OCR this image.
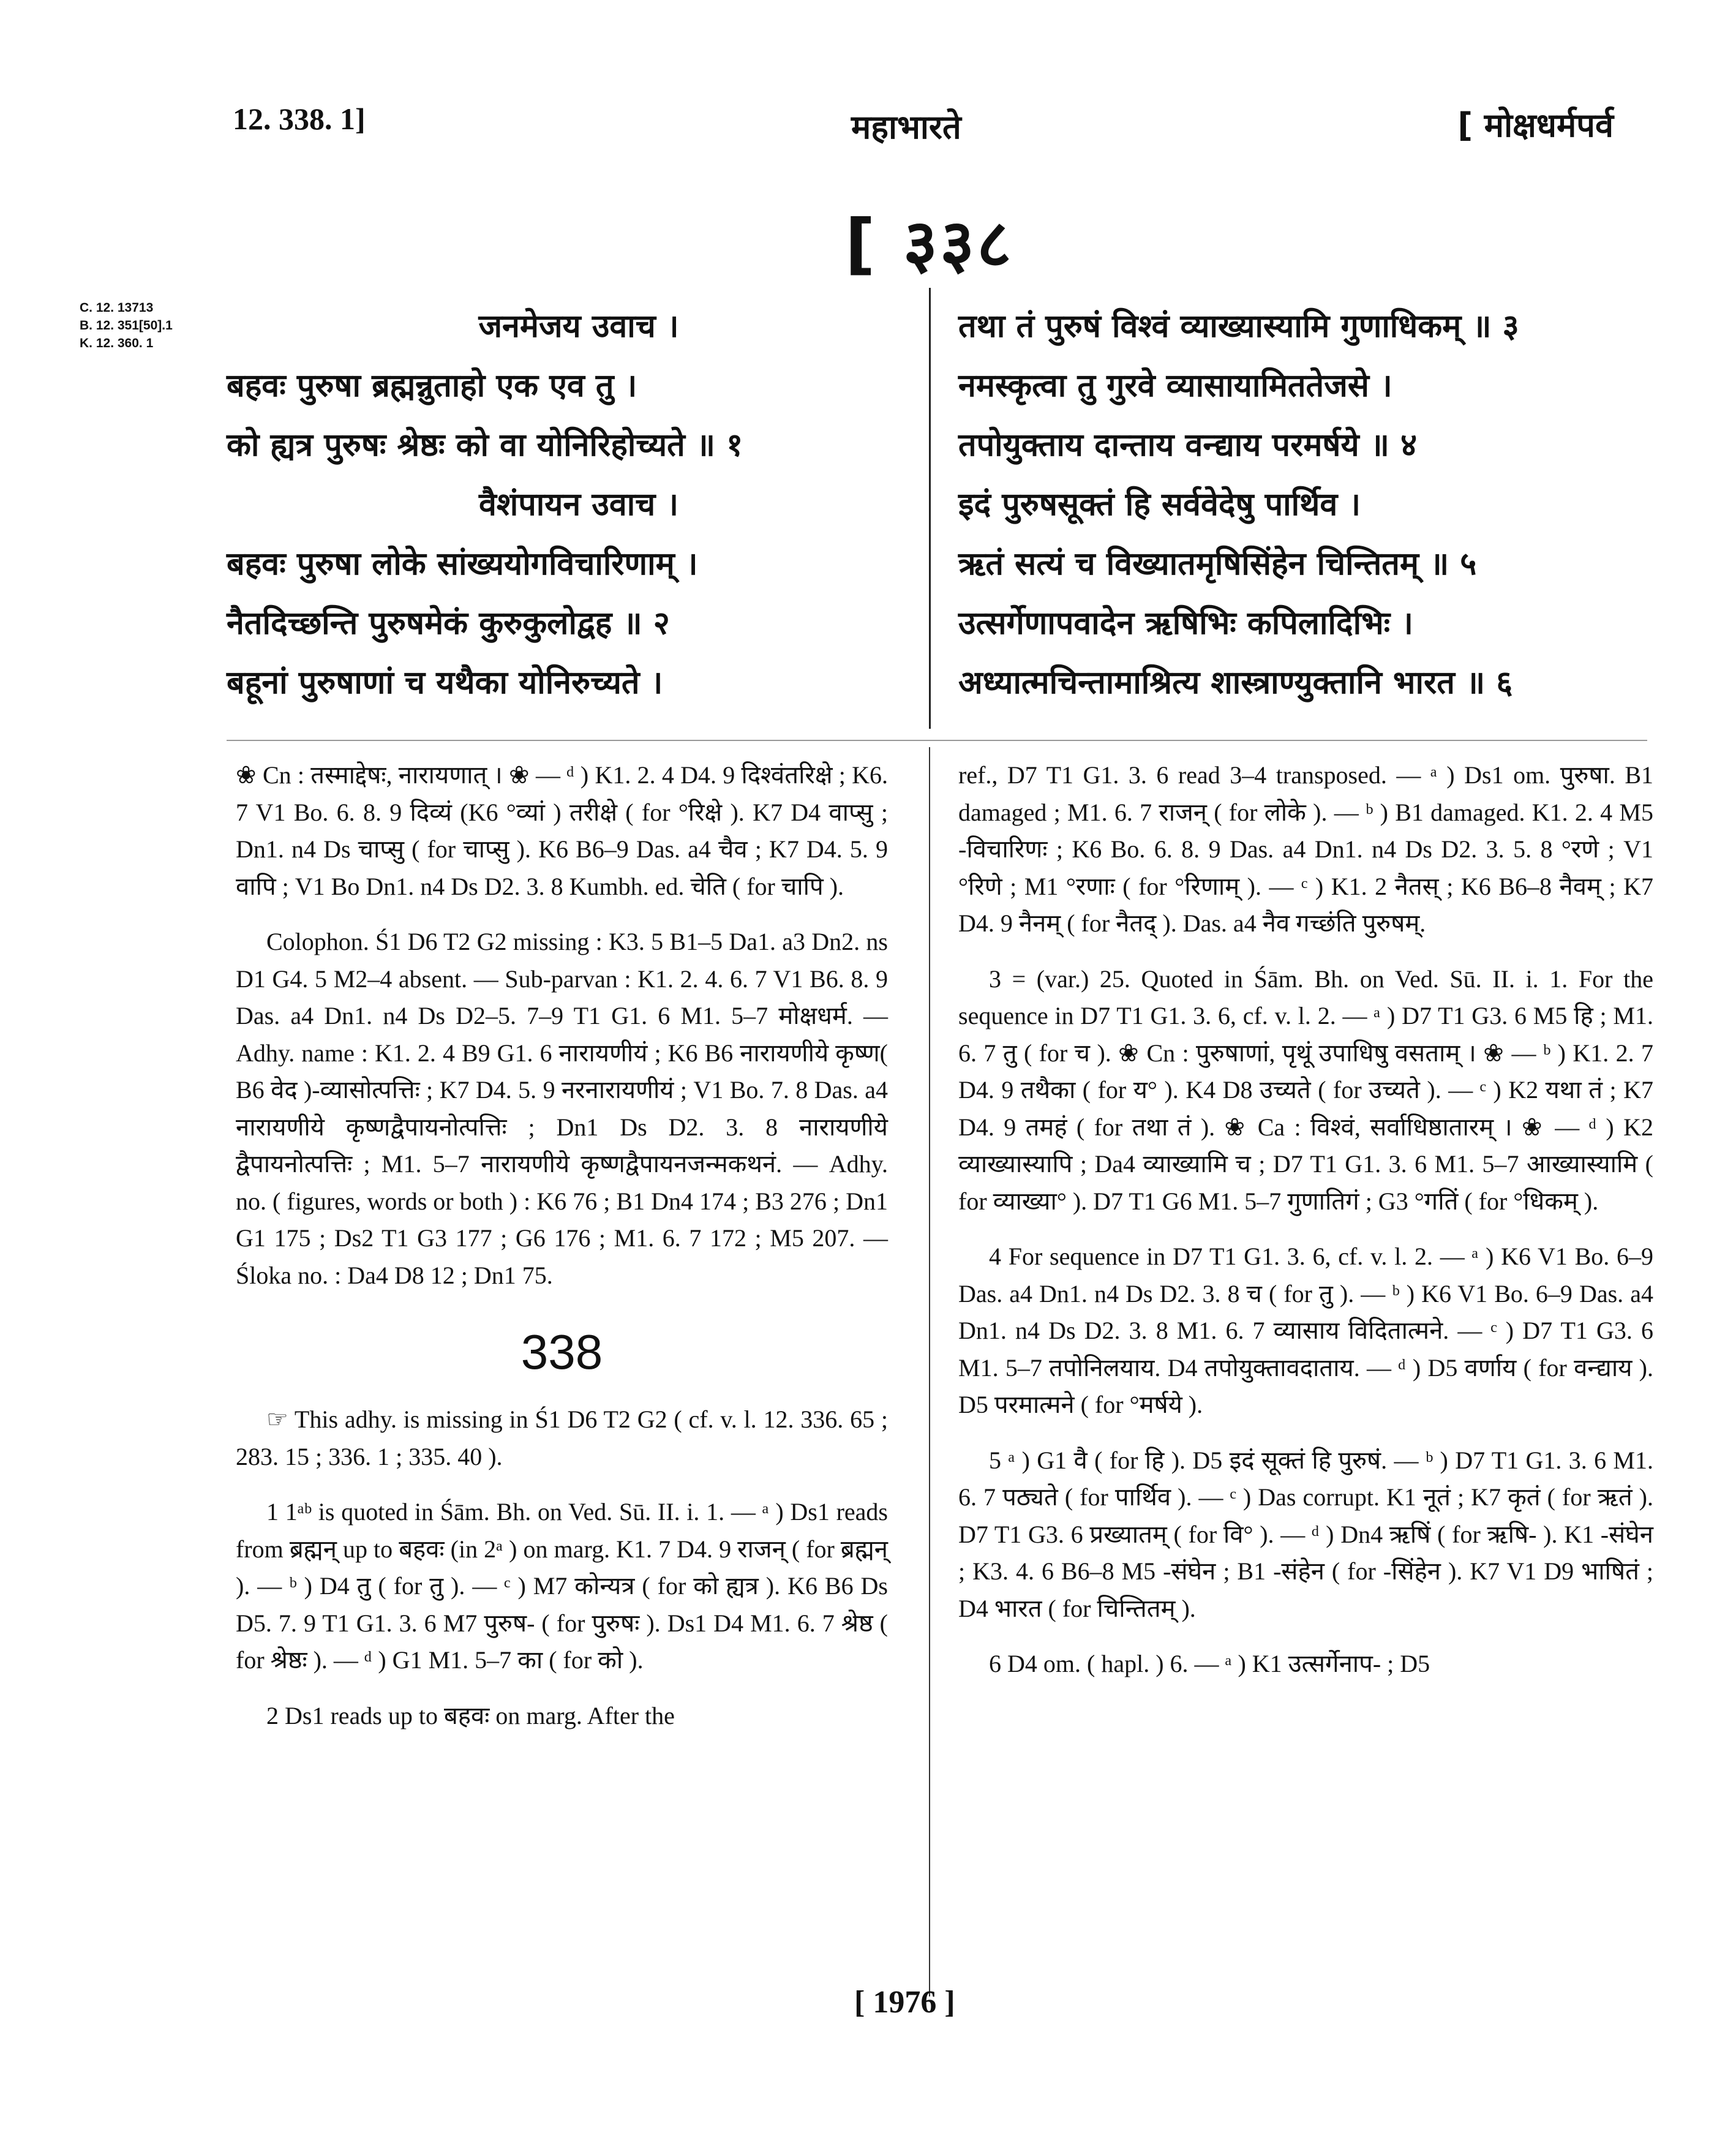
12. 338. 1]	महाभारते	[ मोक्षधर्मपर्व
[ ३३८
C. 12. 13713
B. 12. 351[50].1
K. 12. 360. 1	जनमेजय उवाच ।
बहवः पुरुषा ब्रह्मन्नुताहो एक एव तु ।
को ह्यत्र पुरुषः श्रेष्ठः को वा योनिरिहोच्यते ॥ १
वैशंपायन उवाच ।
बहवः पुरुषा लोके सांख्ययोगविचारिणाम् ।
नैतदिच्छन्ति पुरुषमेकं कुरुकुलोद्वह ॥ २
बहूनां पुरुषाणां च यथैका योनिरुच्यते ।
तथा तं पुरुषं विश्वं व्याख्यास्यामि गुणाधिकम् ॥ ३
नमस्कृत्वा तु गुरवे व्यासायामिततेजसे ।
तपोयुक्ताय दान्ताय वन्द्याय परमर्षये ॥ ४
इदं पुरुषसूक्तं हि सर्ववेदेषु पार्थिव ।
ऋतं सत्यं च विख्यातमृषिसिंहेन चिन्तितम् ॥ ५
उत्सर्गेणापवादेन ऋषिभिः कपिलादिभिः ।
अध्यात्मचिन्तामाश्रित्य शास्त्राण्युक्तानि भारत ॥ ६

❀ Cn : तस्माद्देषः, नारायणात् । ❀ — ᵈ ) K1. 2. 4 D4. 9 दिश्वंतरिक्षे ; K6. 7 V1 Bo. 6. 8. 9 दिव्यं (K6 °व्यां ) तरीक्षे ( for °रिक्षे ). K7 D4 वाप्सु ; Dn1. n4 Ds चाप्सु ( for चाप्सु ). K6 B6–9 Das. a4 चैव ; K7 D4. 5. 9 वापि ; V1 Bo Dn1. n4 Ds D2. 3. 8 Kumbh. ed. चेति ( for चापि ).

Colophon. Ś1 D6 T2 G2 missing : K3. 5 B1–5 Da1. a3 Dn2. ns D1 G4. 5 M2–4 absent. — Sub-parvan : K1. 2. 4. 6. 7 V1 B6. 8. 9 Das. a4 Dn1. n4 Ds D2–5. 7–9 T1 G1. 6 M1. 5–7 मोक्षधर्म. — Adhy. name : K1. 2. 4 B9 G1. 6 नारायणीयं ; K6 B6 नारायणीये कृष्ण( B6 वेद )-व्यासोत्पत्तिः ; K7 D4. 5. 9 नरनारायणीयं ; V1 Bo. 7. 8 Das. a4 नारायणीये कृष्णद्वैपायनोत्पत्तिः ; Dn1 Ds D2. 3. 8 नारायणीये द्वैपायनोत्पत्तिः ; M1. 5–7 नारायणीये कृष्णद्वैपायनजन्मकथनं. — Adhy. no. ( figures, words or both ) : K6 76 ; B1 Dn4 174 ; B3 276 ; Dn1 G1 175 ; Ds2 T1 G3 177 ; G6 176 ; M1. 6. 7 172 ; M5 207. — Śloka no. : Da4 D8 12 ; Dn1 75.

338

☞ This adhy. is missing in Ś1 D6 T2 G2 ( cf. v. l. 12. 336. 65 ; 283. 15 ; 336. 1 ; 335. 40 ).

1 1ᵃᵇ is quoted in Śām. Bh. on Ved. Sū. II. i. 1. — ᵃ ) Ds1 reads from ब्रह्मन् up to बहवः (in 2ᵃ ) on marg. K1. 7 D4. 9 राजन् ( for ब्रह्मन् ). — ᵇ ) D4 तु ( for तु ). — ᶜ ) M7 कोन्यत्र ( for को ह्यत्र ). K6 B6 Ds D5. 7. 9 T1 G1. 3. 6 M7 पुरुष- ( for पुरुषः ). Ds1 D4 M1. 6. 7 श्रेष्ठ ( for श्रेष्ठः ). — ᵈ ) G1 M1. 5–7 का ( for को ).

2 Ds1 reads up to बहवः on marg. After the

ref., D7 T1 G1. 3. 6 read 3–4 transposed. — ᵃ ) Ds1 om. पुरुषा. B1 damaged ; M1. 6. 7 राजन् ( for लोके ). — ᵇ ) B1 damaged. K1. 2. 4 M5 -विचारिणः ; K6 Bo. 6. 8. 9 Das. a4 Dn1. n4 Ds D2. 3. 5. 8 °रणे ; V1 °रिणे ; M1 °रणाः ( for °रिणाम् ). — ᶜ ) K1. 2 नैतस् ; K6 B6–8 नैवम् ; K7 D4. 9 नैनम् ( for नैतद् ). Das. a4 नैव गच्छंति पुरुषम्.

3 = (var.) 25. Quoted in Śām. Bh. on Ved. Sū. II. i. 1. For the sequence in D7 T1 G1. 3. 6, cf. v. l. 2. — ᵃ ) D7 T1 G3. 6 M5 हि ; M1. 6. 7 तु ( for च ). ❀ Cn : पुरुषाणां, पृथूं उपाधिषु वसताम् । ❀ — ᵇ ) K1. 2. 7 D4. 9 तथैका ( for य° ). K4 D8 उच्यते ( for उच्यते ). — ᶜ ) K2 यथा तं ; K7 D4. 9 तमहं ( for तथा तं ). ❀ Ca : विश्वं, सर्वाधिष्ठातारम् । ❀ — ᵈ ) K2 व्याख्यास्यापि ; Da4 व्याख्यामि च ; D7 T1 G1. 3. 6 M1. 5–7 आख्यास्यामि ( for व्याख्या° ). D7 T1 G6 M1. 5–7 गुणातिगं ; G3 °गतिं ( for °धिकम् ).

4 For sequence in D7 T1 G1. 3. 6, cf. v. l. 2. — ᵃ ) K6 V1 Bo. 6–9 Das. a4 Dn1. n4 Ds D2. 3. 8 च ( for तु ). — ᵇ ) K6 V1 Bo. 6–9 Das. a4 Dn1. n4 Ds D2. 3. 8 M1. 6. 7 व्यासाय विदितात्मने. — ᶜ ) D7 T1 G3. 6 M1. 5–7 तपोनिलयाय. D4 तपोयुक्तावदाताय. — ᵈ ) D5 वर्णाय ( for वन्द्याय ). D5 परमात्मने ( for °मर्षये ).

5 ᵃ ) G1 वै ( for हि ). D5 इदं सूक्तं हि पुरुषं. — ᵇ ) D7 T1 G1. 3. 6 M1. 6. 7 पठ्यते ( for पार्थिव ). — ᶜ ) Das corrupt. K1 नूतं ; K7 कृतं ( for ऋतं ). D7 T1 G3. 6 प्रख्यातम् ( for वि° ). — ᵈ ) Dn4 ऋषिं ( for ऋषि- ). K1 -संघेन ; K3. 4. 6 B6–8 M5 -संघेन ; B1 -संहेन ( for -सिंहेन ). K7 V1 D9 भाषितं ; D4 भारत ( for चिन्तितम् ).

6 D4 om. ( hapl. ) 6. — ᵃ ) K1 उत्सर्गेनाप- ; D5

[ 1976 ]
